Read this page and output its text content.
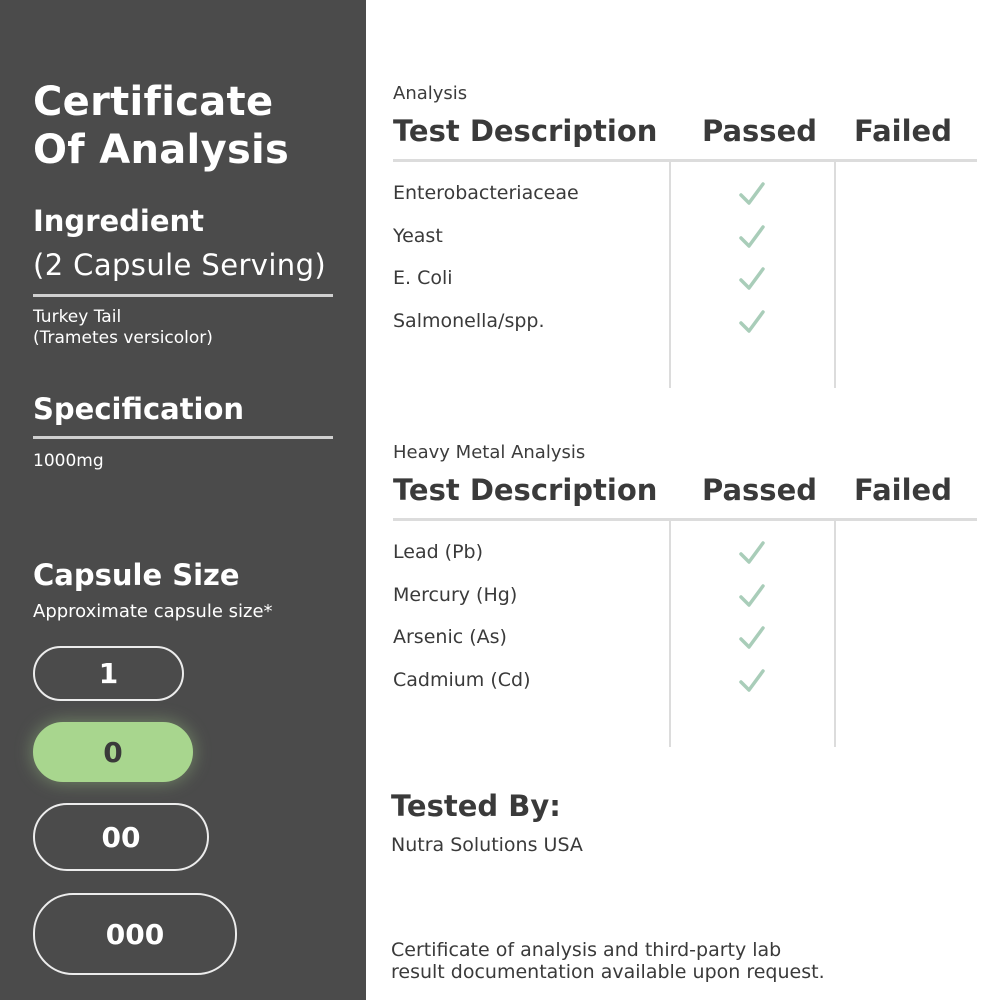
Certificate
Of Analysis
Ingredient
(2 Capsule Serving)
Turkey Tail
(Trametes versicolor)
Specification
1000mg
Capsule Size
Approximate capsule size*
1
0
00
000
Analysis
Test Description Passed Failed
Enterobacteriaceae
Yeast
E. Coli
Salmonella/spp.
Heavy Metal Analysis
Test Description Passed Failed
Lead (Pb)
Mercury (Hg)
Arsenic (As)
Cadmium (Cd)
Tested By:
Nutra Solutions USA
Certificate of analysis and third-party lab
result documentation available upon request.
